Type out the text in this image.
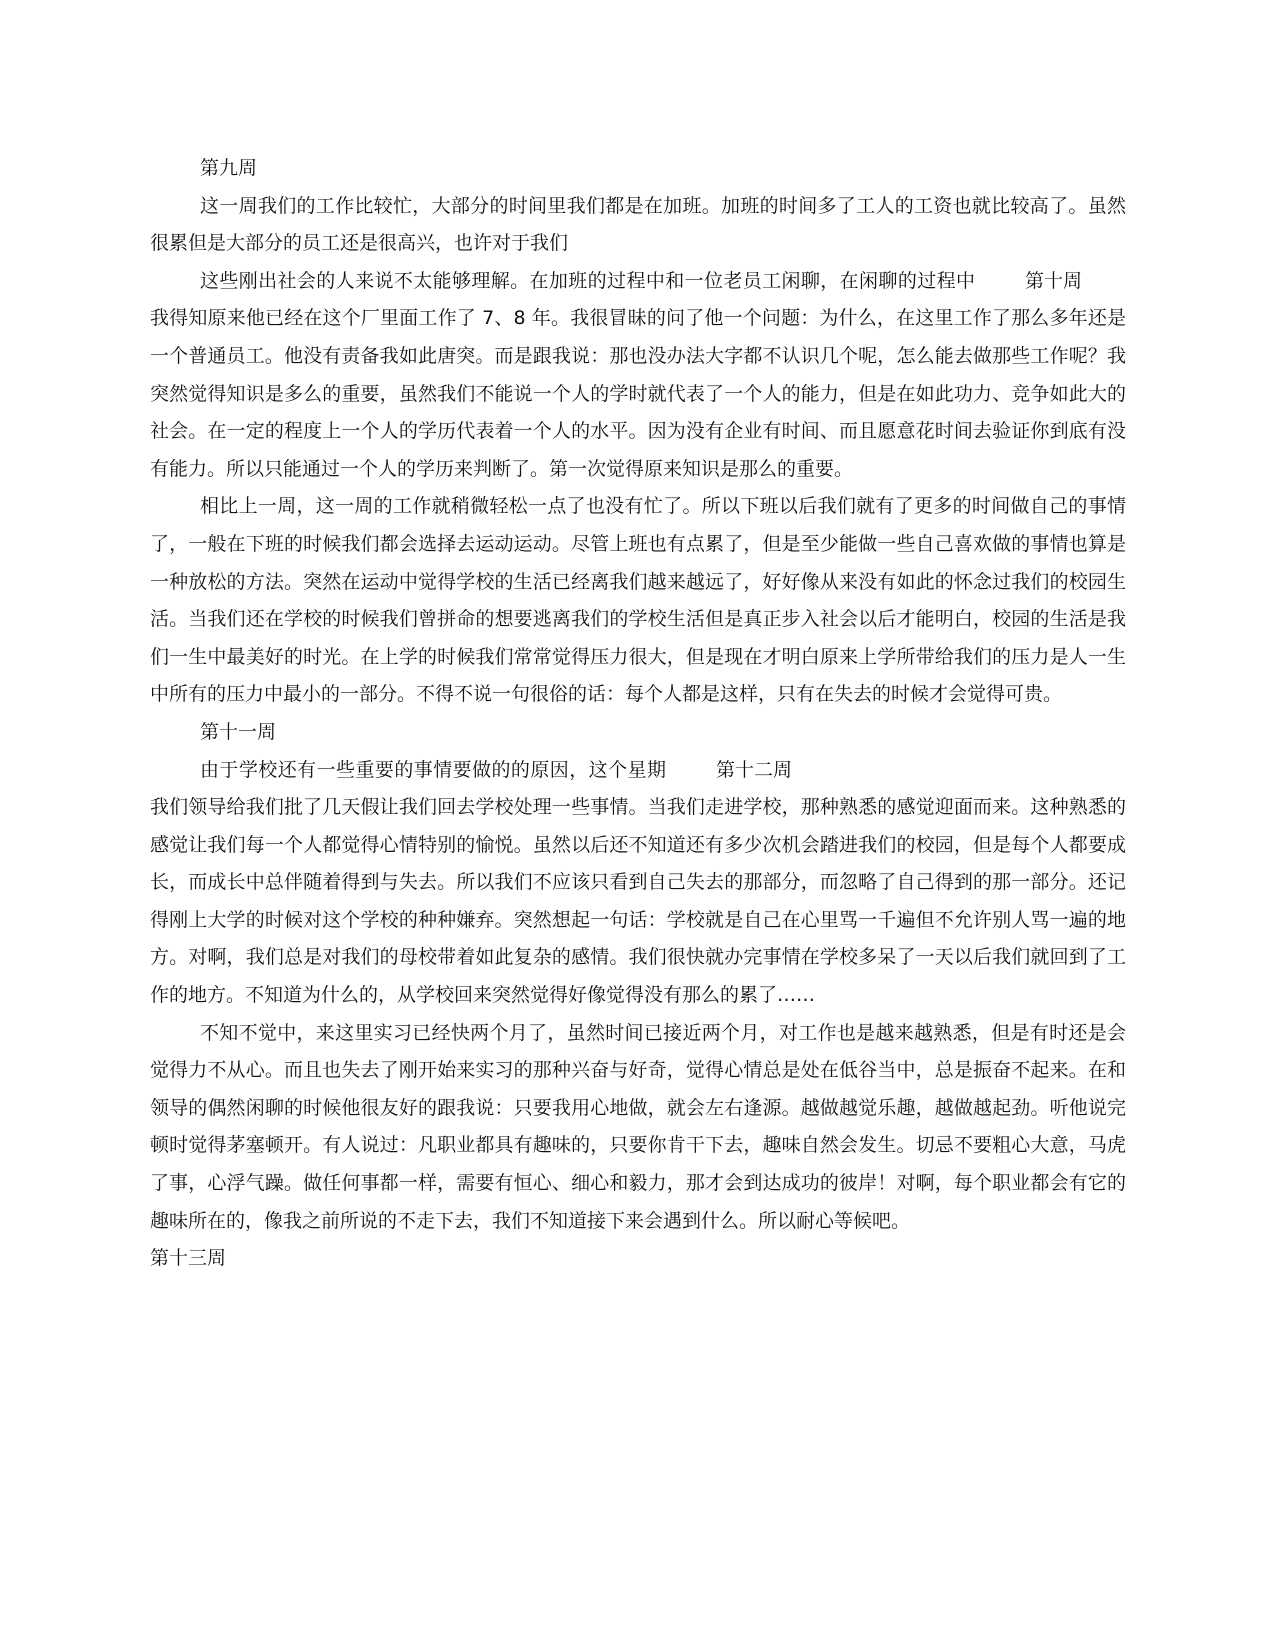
第九周

这一周我们的工作比较忙，大部分的时间里我们都是在加班。加班的时间多了工人的工资也就比较高了。虽然很累但是大部分的员工还是很高兴，也许对于我们

第十周
这些刚出社会的人来说不太能够理解。在加班的过程中和一位老员工闲聊，在闲聊的过程中我得知原来他已经在这个厂里面工作了 7、8 年。我很冒昧的问了他一个问题：为什么，在这里工作了那么多年还是一个普通员工。他没有责备我如此唐突。而是跟我说：那也没办法大字都不认识几个呢，怎么能去做那些工作呢？我突然觉得知识是多么的重要，虽然我们不能说一个人的学时就代表了一个人的能力，但是在如此功力、竞争如此大的社会。在一定的程度上一个人的学历代表着一个人的水平。因为没有企业有时间、而且愿意花时间去验证你到底有没有能力。所以只能通过一个人的学历来判断了。第一次觉得原来知识是那么的重要。

相比上一周，这一周的工作就稍微轻松一点了也没有忙了。所以下班以后我们就有了更多的时间做自己的事情了，一般在下班的时候我们都会选择去运动运动。尽管上班也有点累了，但是至少能做一些自己喜欢做的事情也算是一种放松的方法。突然在运动中觉得学校的生活已经离我们越来越远了，好好像从来没有如此的怀念过我们的校园生活。当我们还在学校的时候我们曾拼命的想要逃离我们的学校生活但是真正步入社会以后才能明白，校园的生活是我们一生中最美好的时光。在上学的时候我们常常觉得压力很大，但是现在才明白原来上学所带给我们的压力是人一生中所有的压力中最小的一部分。不得不说一句很俗的话：每个人都是这样，只有在失去的时候才会觉得可贵。

第十一周

第十二周
由于学校还有一些重要的事情要做的的原因，这个星期我们领导给我们批了几天假让我们回去学校处理一些事情。当我们走进学校，那种熟悉的感觉迎面而来。这种熟悉的感觉让我们每一个人都觉得心情特别的愉悦。虽然以后还不知道还有多少次机会踏进我们的校园，但是每个人都要成长，而成长中总伴随着得到与失去。所以我们不应该只看到自己失去的那部分，而忽略了自己得到的那一部分。还记得刚上大学的时候对这个学校的种种嫌弃。突然想起一句话：学校就是自己在心里骂一千遍但不允许别人骂一遍的地方。对啊，我们总是对我们的母校带着如此复杂的感情。我们很快就办完事情在学校多呆了一天以后我们就回到了工作的地方。不知道为什么的，从学校回来突然觉得好像觉得没有那么的累了……

不知不觉中，来这里实习已经快两个月了，虽然时间已接近两个月，对工作也是越来越熟悉，但是有时还是会觉得力不从心。而且也失去了刚开始来实习的那种兴奋与好奇，觉得心情总是处在低谷当中，总是振奋不起来。在和领导的偶然闲聊的时候他很友好的跟我说：只要我用心地做，就会左右逢源。越做越觉乐趣，越做越起劲。听他说完顿时觉得茅塞顿开。有人说过：凡职业都具有趣味的，只要你肯干下去，趣味自然会发生。切忌不要粗心大意，马虎了事，心浮气躁。做任何事都一样，需要有恒心、细心和毅力，那才会到达成功的彼岸！对啊，每个职业都会有它的趣味所在的，像我之前所说的不走下去，我们不知道接下来会遇到什么。所以耐心等候吧。

第十三周
